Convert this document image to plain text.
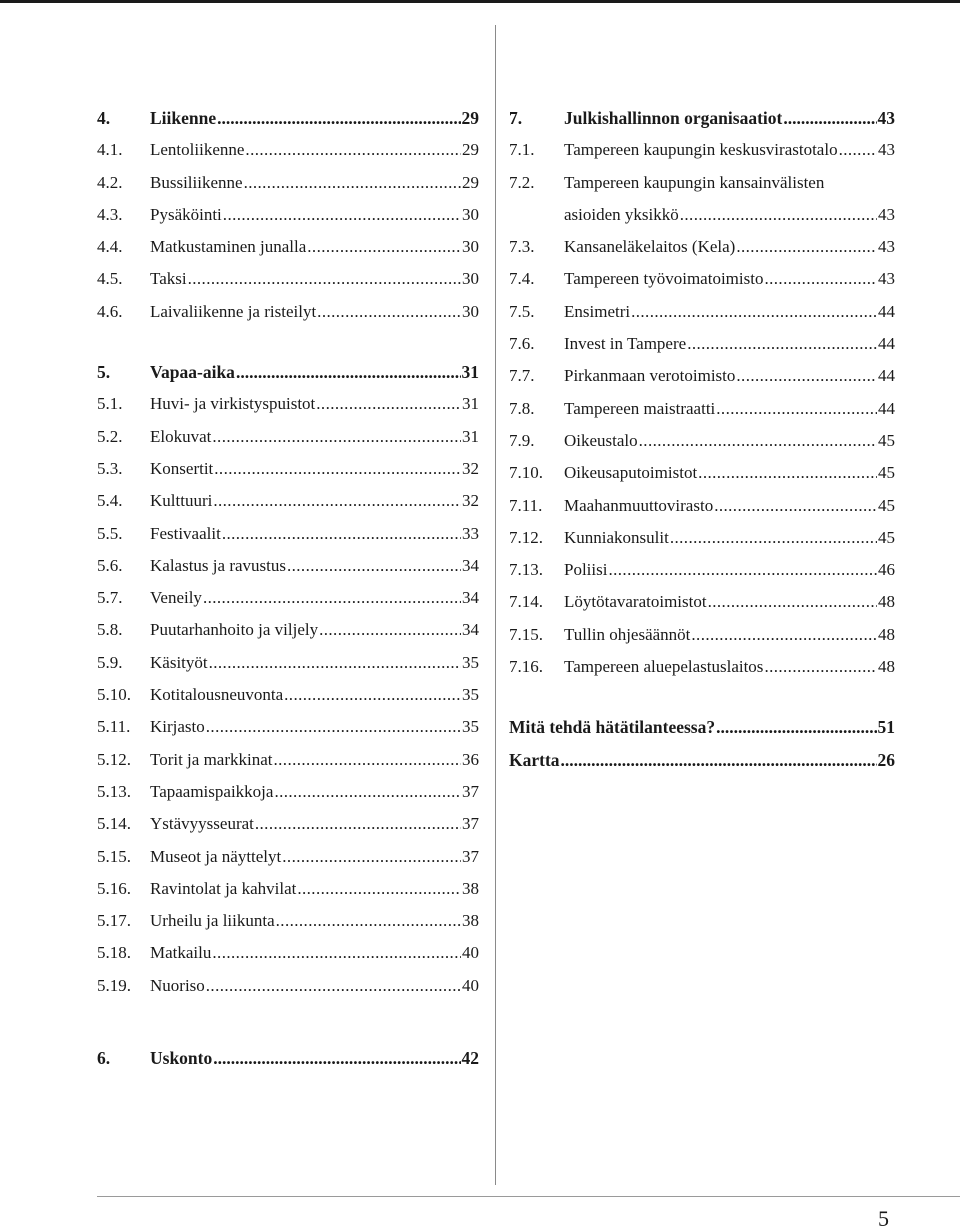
4.	Liikenne .....	29
4.1.	Lentoliikenne .....	29
4.2.	Bussiliikenne .....	29
4.3.	Pysäköinti .....	30
4.4.	Matkustaminen junalla .....	30
4.5.	Taksi .....	30
4.6.	Laivaliikenne ja risteilyt .....	30
5.	Vapaa-aika .....	31
5.1.	Huvi- ja virkistyspuistot .....	31
5.2.	Elokuvat .....	31
5.3.	Konsertit .....	32
5.4.	Kulttuuri .....	32
5.5.	Festivaalit .....	33
5.6.	Kalastus ja ravustus .....	34
5.7.	Veneily .....	34
5.8.	Puutarhanhoito ja viljely .....	34
5.9.	Käsityöt .....	35
5.10.	Kotitalousneuvonta .....	35
5.11.	Kirjasto .....	35
5.12.	Torit ja markkinat .....	36
5.13.	Tapaamispaikkoja .....	37
5.14.	Ystävyysseurat .....	37
5.15.	Museot ja näyttelyt .....	37
5.16.	Ravintolat ja kahvilat .....	38
5.17.	Urheilu ja liikunta .....	38
5.18.	Matkailu .....	40
5.19.	Nuoriso .....	40
6.	Uskonto .....	42
7.	Julkishallinnon organisaatiot .....	43
7.1.	Tampereen kaupungin keskusvirastotalo ..... 43
7.2.	Tampereen kaupungin kansainvälisten
asioiden yksikkö .....	43
7.3.	Kansaneläkelaitos (Kela) .....	43
7.4.	Tampereen työvoimatoimisto .....	43
7.5.	Ensimetri .....	44
7.6.	Invest in Tampere .....	44
7.7.	Pirkanmaan verotoimisto .....	44
7.8.	Tampereen maistraatti .....	44
7.9.	Oikeustalo .....	45
7.10.	Oikeusaputoimistot .....	45
7.11.	Maahanmuuttovirasto .....	45
7.12.	Kunniakonsulit .....	45
7.13.	Poliisi .....	46
7.14.	Löytötavaratoimistot .....	48
7.15.	Tullin ohjesäännöt .....	48
7.16.	Tampereen aluepelastuslaitos .....	48
Mitä tehdä hätätilanteessa? .....	51
Kartta .....	26
5
